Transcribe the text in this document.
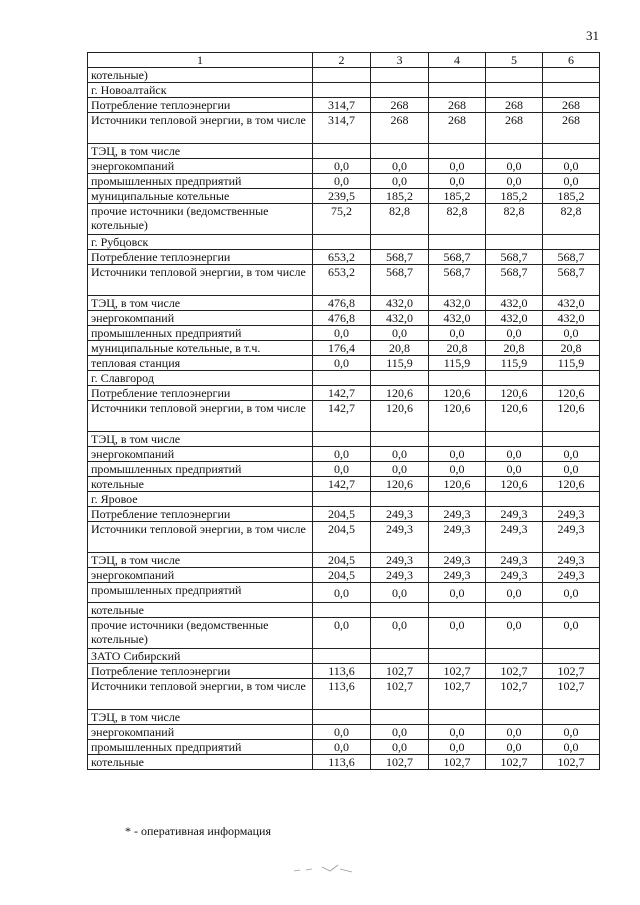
31
1	2	3	4	5	6
котельные)					
г. Новоалтайск					
Потребление теплоэнергии	314,7	268	268	268	268
Источники тепловой энергии, в том числе	314,7	268	268	268	268
ТЭЦ, в том числе					
энергокомпаний	0,0	0,0	0,0	0,0	0,0
промышленных предприятий	0,0	0,0	0,0	0,0	0,0
муниципальные котельные	239,5	185,2	185,2	185,2	185,2
прочие источники (ведомственные котельные)	75,2	82,8	82,8	82,8	82,8
г. Рубцовск					
Потребление теплоэнергии	653,2	568,7	568,7	568,7	568,7
Источники тепловой энергии, в том числе	653,2	568,7	568,7	568,7	568,7
ТЭЦ, в том числе	476,8	432,0	432,0	432,0	432,0
энергокомпаний	476,8	432,0	432,0	432,0	432,0
промышленных предприятий	0,0	0,0	0,0	0,0	0,0
муниципальные котельные, в т.ч.	176,4	20,8	20,8	20,8	20,8
тепловая станция	0,0	115,9	115,9	115,9	115,9
г. Славгород					
Потребление теплоэнергии	142,7	120,6	120,6	120,6	120,6
Источники тепловой энергии, в том числе	142,7	120,6	120,6	120,6	120,6
ТЭЦ, в том числе					
энергокомпаний	0,0	0,0	0,0	0,0	0,0
промышленных предприятий	0,0	0,0	0,0	0,0	0,0
котельные	142,7	120,6	120,6	120,6	120,6
г. Яровое					
Потребление теплоэнергии	204,5	249,3	249,3	249,3	249,3
Источники тепловой энергии, в том числе	204,5	249,3	249,3	249,3	249,3
ТЭЦ, в том числе	204,5	249,3	249,3	249,3	249,3
энергокомпаний	204,5	249,3	249,3	249,3	249,3
промышленных предприятий	0,0	0,0	0,0	0,0	0,0
котельные					
прочие источники (ведомственные котельные)	0,0	0,0	0,0	0,0	0,0
ЗАТО Сибирский					
Потребление теплоэнергии	113,6	102,7	102,7	102,7	102,7
Источники тепловой энергии, в том числе	113,6	102,7	102,7	102,7	102,7
ТЭЦ, в том числе					
энергокомпаний	0,0	0,0	0,0	0,0	0,0
промышленных предприятий	0,0	0,0	0,0	0,0	0,0
котельные	113,6	102,7	102,7	102,7	102,7
* - оперативная информация
